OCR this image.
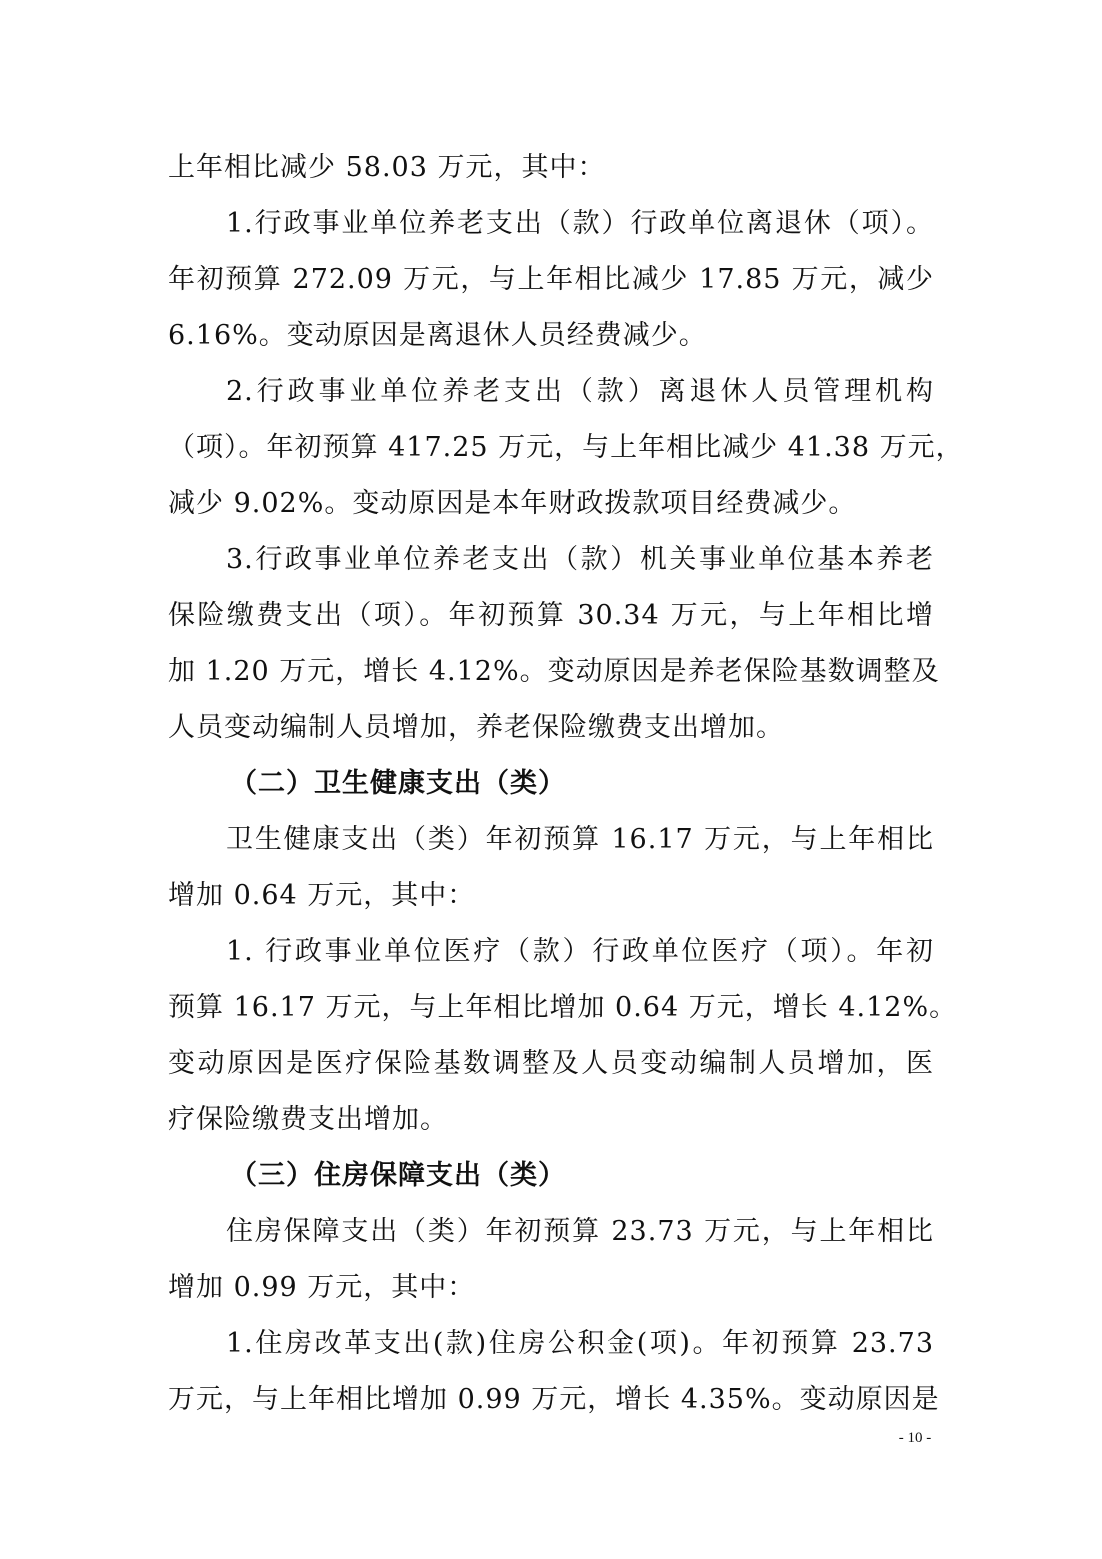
上年相比减少 58.03 万元，其中：
1.行政事业单位养老支出（款）行政单位离退休（项）。
年初预算 272.09 万元，与上年相比减少 17.85 万元，减少
6.16%。变动原因是离退休人员经费减少。
2.行政事业单位养老支出（款）离退休人员管理机构
（项）。年初预算 417.25 万元，与上年相比减少 41.38 万元，
减少 9.02%。变动原因是本年财政拨款项目经费减少。
3.行政事业单位养老支出（款）机关事业单位基本养老
保险缴费支出（项）。年初预算 30.34 万元，与上年相比增
加 1.20 万元，增长 4.12%。变动原因是养老保险基数调整及
人员变动编制人员增加，养老保险缴费支出增加。
（二）卫生健康支出（类）
卫生健康支出（类）年初预算 16.17 万元，与上年相比
增加 0.64 万元，其中：
1. 行政事业单位医疗（款）行政单位医疗（项）。年初
预算 16.17 万元，与上年相比增加 0.64 万元，增长 4.12%。
变动原因是医疗保险基数调整及人员变动编制人员增加，医
疗保险缴费支出增加。
（三）住房保障支出（类）
住房保障支出（类）年初预算 23.73 万元，与上年相比
增加 0.99 万元，其中：
1.住房改革支出(款)住房公积金(项)。年初预算 23.73
万元，与上年相比增加 0.99 万元，增长 4.35%。变动原因是
- 10 -
